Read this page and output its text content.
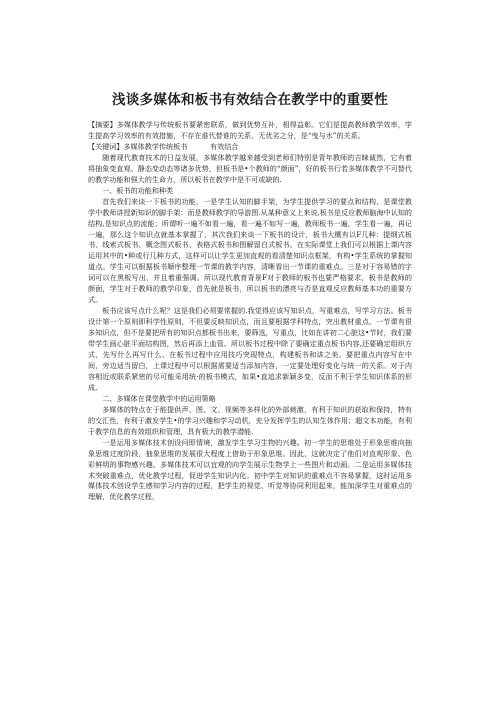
浅谈多媒体和板书有效结合在教学中的重要性

【摘要】多媒体教学与传统板书要紧密联系，做到优势互补，相得益彰。它们是提高教师教学效率，学生提高学习效率的有效措施，不存在谁代替谁的关系，无优劣之分，是“曳与水”的关系。

【关键词】多媒体教学传统板书	有效结合

随着现代教育技术的日益发展，多媒体教学越来越受到老师们特别是青年教师的吉睐诚然，它有着将抽象变直观、静态变动态等诸多优势，但板书是•个教师的“颜面”，好的板书行若多媒体教学不可替代的教学功能和强大的生命力，所以板书在教学中是不可或缺的.

一、板书的功能和种类

首先我们来谈一下板书的功能，一是学生认知的脚手架，为学生提供学习的要点和结构，是课堂教学中教师讲授新知识的脚手架：而是教师教学的导游图.从某种意义上来说,板书是反应教师脑海中认知的结构,是知识点的流能；所谓听一遍不如看一遍，看一遍不如写一遍，教师板书一遍，学生看一遍，再记一遍，那么这个知识点就基本掌握了，其次我们来谈一下板书的设计，板书大概有以F几种：提纲式板书、线索式板书、概念图式板书、表格式板书和图解留白式板书。在实际课堂上我们可以根据上课内容运用其中的•种或行几种方式，这样可以让学生更加直观的看清楚知识点框架，有构•学生系统的掌握知道点。学生可以根据板书顺序整理一节课的教学内容，清晰看出一节课的重难点。三是对于容易错的字词可以在黑板写出，并且着重强调。所以现代教育背景F对于教师的板书也要严格要求，板书是教师的颜面，学生对于教师的教学印象，首先就是板书，所以板书的漂亮与否是直观反应教师基本功的重要方式。

板书应该写点什么呢？这是我们必须要常握的.我觉得应该写知识点，写重难点，写学习方法。板书设计第一个原则即科学性原则，不但要反映知识点，而且要根据学科特点，突出教材重点。一节课有很多知识点，但不是要把所有的知识点都板书出来，要筛选，写重点，比如在讲初二心脏这•节时，我们要带学生画心脏平面结构图，然后再添上血管。所以板书过程中除了要确定重点板书内容,还要确定组织方式，先写什么再写什么、在板书过程中应用技巧突现特点，构建板书和讲之美。要把重点内容写在中间，旁边适当留白，上课过程中可以根据需要适当添加内容，一定要处理好变化与统一的关系。对于内容相近或联系紧密的尽可能采用统·的板书模式，如果•直追求新颖多变，反而不利于学生知识体系的形成.

二、多媒体在课堂教学中的运用策略

多媒体的特点在于能提供声、图、文、视频等多样化的外部刺激，有利于知识的获取和保持，特有的交汇性，有利于激发学生•的学习兴趣和学习动机，充分发挥学生的认知生体作用；超文本功能，有利于教学信息的有效组织和管理，具有极大的教学潜能.

一是运用多媒体技术创设问即情境，激发学生学习生物的兴趣。初一学生的思维处于形象思维向抽象思维过度阶段，抽象思维的发展很大程度上借助于形象思维。因此，这就决定了他们对直观形象、色彩鲜明的事物感兴趣。多媒体技术可以宜观的向学生展示生物学上一些图片和动画。二是运用多媒体技术突破重难点，优化教学过程，促进学生知识内化。初中学生对知识的重难点不容易掌握，这时运用多媒体技术创设学生感知学习内容的过程，把学生的视觉、听觉等协同利用起来，能加深学生对重难点的理解，优化教学过程，
